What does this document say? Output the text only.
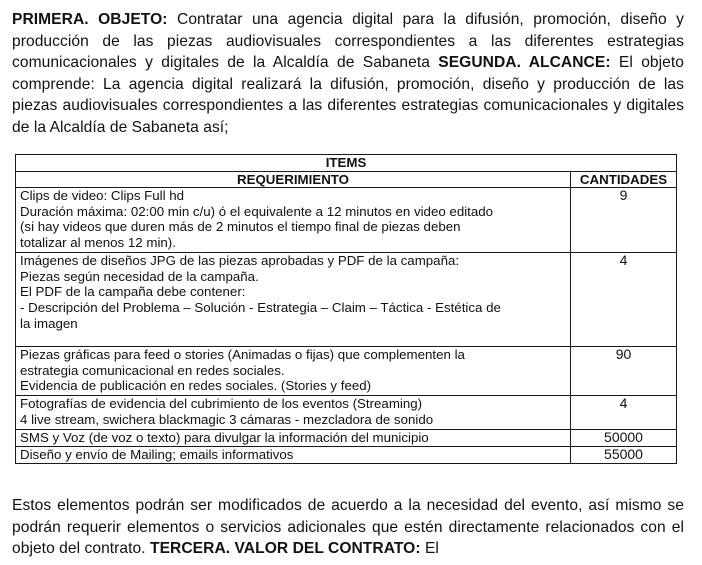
PRIMERA. OBJETO: Contratar una agencia digital para la difusión, promoción, diseño y producción de las piezas audiovisuales correspondientes a las diferentes estrategias comunicacionales y digitales de la Alcaldía de Sabaneta SEGUNDA. ALCANCE: El objeto comprende: La agencia digital realizará la difusión, promoción, diseño y producción de las piezas audiovisuales correspondientes a las diferentes estrategias comunicacionales y digitales de la Alcaldía de Sabaneta así;
ITEMS	
REQUERIMIENTO	CANTIDADES

Clips de video: Clips Full hd
Duración máxima: 02:00 min c/u) ó el equivalente a 12 minutos en video editado
(si hay videos que duren más de 2 minutos el tiempo final de piezas deben
totalizar al menos 12 min).	9

Imágenes de diseños JPG de las piezas aprobadas y PDF de la campaña:
Piezas según necesidad de la campaña.
El PDF de la campaña debe contener:
- Descripción del Problema – Solución - Estrategia – Claim – Táctica - Estética de
la imagen	4

Piezas gráficas para feed o stories (Animadas o fijas) que complementen la
estrategia comunicacional en redes sociales.
Evidencia de publicación en redes sociales. (Stories y feed)	90

Fotografías de evidencia del cubrimiento de los eventos (Streaming)
4 live stream, swichera blackmagic 3 cámaras - mezcladora de sonido	4

SMS y Voz (de voz o texto) para divulgar la información del municipio	50000

Diseño y envío de Mailing; emails informativos	55000
Estos elementos podrán ser modificados de acuerdo a la necesidad del evento, así mismo se podrán requerir elementos o servicios adicionales que estén directamente relacionados con el objeto del contrato. TERCERA. VALOR DEL CONTRATO: El
